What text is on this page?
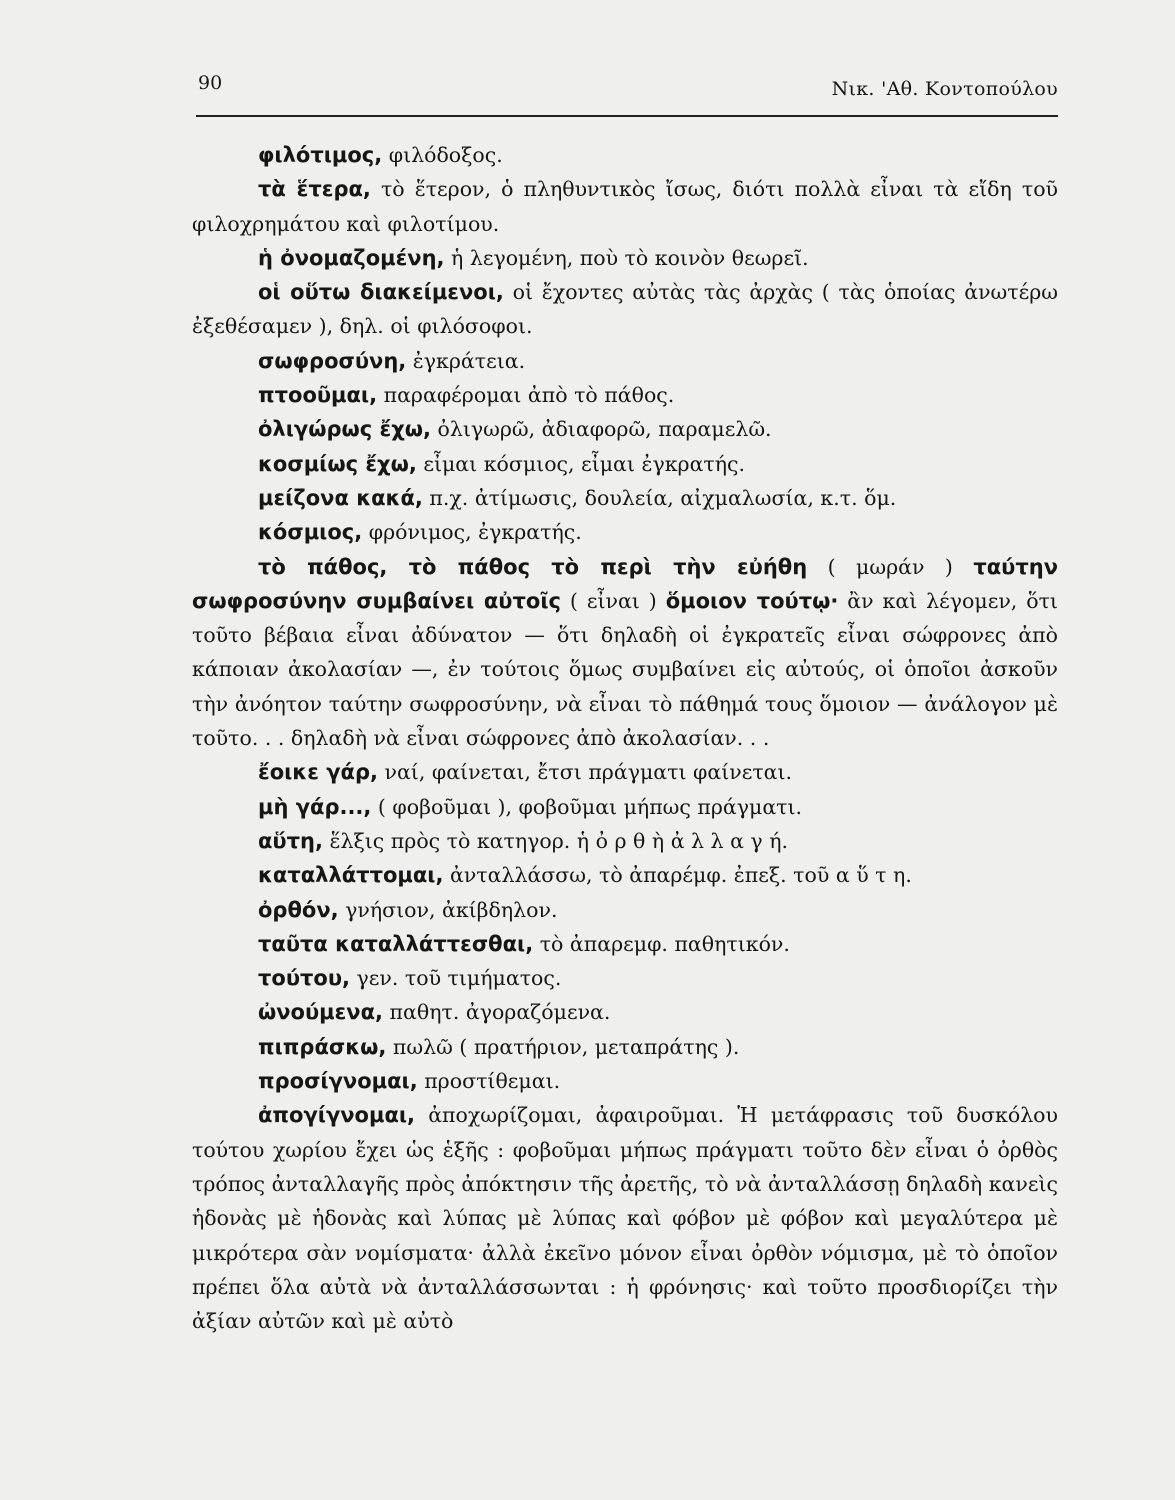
90	Νικ. 'Αθ. Κοντοπούλου

φιλότιμος, φιλόδοξος.

τὰ ἕτερα, τὸ ἕτερον, ὁ πληθυντικὸς ἴσως, διότι πολλὰ εἶναι τὰ εἴδη τοῦ φιλοχρημάτου καὶ φιλοτίμου.

ἡ ὀνομαζομένη, ἡ λεγομένη, ποὺ τὸ κοινὸν θεωρεῖ.

οἱ οὕτω διακείμενοι, οἱ ἔχοντες αὐτὰς τὰς ἀρχὰς ( τὰς ὁποίας ἀνωτέρω ἐξεθέσαμεν ), δηλ. οἱ φιλόσοφοι.

σωφροσύνη, ἐγκράτεια.

πτοοῦμαι, παραφέρομαι ἀπὸ τὸ πάθος.

ὀλιγώρως ἔχω, ὀλιγωρῶ, ἀδιαφορῶ, παραμελῶ.

κοσμίως ἔχω, εἶμαι κόσμιος, εἶμαι ἐγκρατής.

μείζονα κακά, π.χ. ἀτίμωσις, δουλεία, αἰχμαλωσία, κ.τ. ὅμ.

κόσμιος, φρόνιμος, ἐγκρατής.

τὸ πάθος, τὸ πάθος τὸ περὶ τὴν εὐήθη ( μωράν ) ταύτην σωφροσύνην συμβαίνει αὐτοῖς ( εἶναι ) ὅμοιον τούτῳ· ἂν καὶ λέγομεν, ὅτι τοῦτο βέβαια εἶναι ἀδύνατον — ὅτι δηλαδὴ οἱ ἐγκρατεῖς εἶναι σώφρονες ἀπὸ κάποιαν ἀκολασίαν —, ἐν τούτοις ὅμως συμβαίνει εἰς αὐτούς, οἱ ὁποῖοι ἀσκοῦν τὴν ἀνόητον ταύτην σωφροσύνην, νὰ εἶναι τὸ πάθημά τους ὅμοιον — ἀνάλογον μὲ τοῦτο. . . δηλαδὴ νὰ εἶναι σώφρονες ἀπὸ ἀκολασίαν. . .

ἔοικε γάρ, ναί, φαίνεται, ἔτσι πράγματι φαίνεται.

μὴ γάρ..., ( φοβοῦμαι ), φοβοῦμαι μήπως πράγματι.

αὕτη, ἕλξις πρὸς τὸ κατηγορ. ἡ ὀ ρ θ ὴ ἀ λ λ α γ ή.

καταλλάττομαι, ἀνταλλάσσω, τὸ ἀπαρέμφ. ἐπεξ. τοῦ α ὕ τ η.

ὀρθόν, γνήσιον, ἀκίβδηλον.

ταῦτα καταλλάττεσθαι, τὸ ἀπαρεμφ. παθητικόν.

τούτου, γεν. τοῦ τιμήματος.

ὠνούμενα, παθητ. ἀγοραζόμενα.

πιπράσκω, πωλῶ ( πρατήριον, μεταπράτης ).

προσίγνομαι, προστίθεμαι.

ἀπογίγνομαι, ἀποχωρίζομαι, ἀφαιροῦμαι. Ἡ μετάφρασις τοῦ δυσκόλου τούτου χωρίου ἔχει ὡς ἑξῆς : φοβοῦμαι μήπως πράγματι τοῦτο δὲν εἶναι ὁ ὀρθὸς τρόπος ἀνταλλαγῆς πρὸς ἀπόκτησιν τῆς ἀρετῆς, τὸ νὰ ἀνταλλάσσῃ δηλαδὴ κανεὶς ἡδονὰς μὲ ἡδονὰς καὶ λύπας μὲ λύπας καὶ φόβον μὲ φόβον καὶ μεγαλύτερα μὲ μικρότερα σὰν νομίσματα· ἀλλὰ ἐκεῖνο μόνον εἶναι ὀρθὸν νόμισμα, μὲ τὸ ὁποῖον πρέπει ὅλα αὐτὰ νὰ ἀνταλλάσσωνται : ἡ φρόνησις· καὶ τοῦτο προσδιορίζει τὴν ἀξίαν αὐτῶν καὶ μὲ αὐτὸ
